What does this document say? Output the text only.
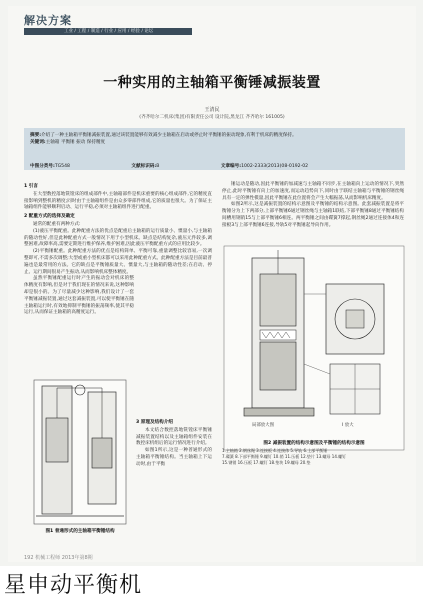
解决方案
工业 / 工程 / 制造 / 行业 / 应用 / 经验 / 论坛
一种实用的主轴箱平衡锤减振装置
王清民
(齐齐哈尔二机床(集团)有限责任公司 设计院,黑龙江 齐齐哈尔 161005)
摘要:介绍了一种主轴箱平衡锤减振装置,通过该装置能够有效减少主轴箱在启动或停止时平衡锤的振动现象,有利于机床的精度保持。
关键词:主轴箱 平衡锤 振动 保持精度
中图分类号:TG548	文献标识码:B	文章编号:1002-2333(2013)08-0192-02
1 引言
在大型数控落地铣镗床的组成部件中,主轴箱部件是机床重要的核心组成部件,它的精度直接影响到整机的精度;同时由于主轴箱组件是由众多零部件组成,它的质量也很大。为了保证主轴箱组件能够顺利启动、运行平稳,必须对主轴箱组件进行配重。
2 配重方式的选择及确定
通常的配重有两种方式:
(1)液压平衡配重。此种配重方法的优点是配重后主轴箱的运行质量小、惯量小,与主轴箱的随动性好,但是此种配重方式一般情况下用于小型机床。缺点是结构复杂,液压元件较多,调整困难,故障率高,需要定期进行维护保养,维护困难,因此液压平衡配重方式的应用比较少。
(2)平衡锤配重。此种配重方法的优点是结构简单、平衡可靠,重量调整比较容易,一次调整即可,不需多次调整;大型或重小型机床都可以采用此种配重方式。此种配重方法是目前最普遍也是最常用的方法。它的缺点是平衡锤质量大、惯量大,与主轴箱的随动性差;在启动、停止、运行期间很易产生振动,从而影响机床整体精度。
虽然平衡锤配重运行时产生的振动会对机床的整体精度有影响,但是对于我们现在的情况来说,这种影响却是很小的。为了尽量减少这种影响,我们设计了一套平衡锤减振装置,通过这套减振装置,可以使平衡锤在随主轴箱运行时,有效地抑制平衡锤的振荡频率,使其平稳运行,从而保证主轴箱的高精度运行。
图1 普通形式的主轴箱平衡锤结构
3 原理及结构介绍
本文结合数控落地铣镗床平衡锤减振装置结构以及主轴箱组件安装在数控床机组后的运行情况进行介绍。
如图1所示,这是一种普通形式的主轴箱平衡锤结构。当主轴箱上下运动时,由于平衡
锤运动是随动,因此平衡锤的加减速与主轴箱不同步,在主轴箱向上运动的情况下,突然停止,此时平衡锤有向上的加速度,而运动趋势向下,同时由于联结主轴箱与平衡锤的钢丝绳具有一定的弹性模量,因此平衡锤在此位置将会产生大幅振荡,从而影响机床精度。
如图2所示,这是减振装置的结构示意图及平衡锤的结构示意图。此套减振装置是将平衡锤分为上下两部分,上部平衡锤6通过钢丝绳与主轴箱1联结,下部平衡锤8通过平衡锤结构间槽用钢销15与上部平衡锤6相连。两平衡锤之间由碟簧7撑起,钢丝绳2通过连接体4和连接板3与上部平衡锤6连接,导轨5对平衡锤起导向作用。
局部放大图	I 放大
图2 减振装置的结构示意图及平衡锤的结构示意图
1.主轴箱 2.钢丝绳 3.连接板 4.连接体 5.导轨 6.上部平衡锤
7.碟簧 8.下部平衡锤 9.螺钉 10.销 11.压板 12.垫片 13.螺母 14.螺钉
15.钢销 16.压板 17.螺钉 18.垫块 19.螺母 20.垫
192 机械工程师 2013年第8期
星申动平衡机
